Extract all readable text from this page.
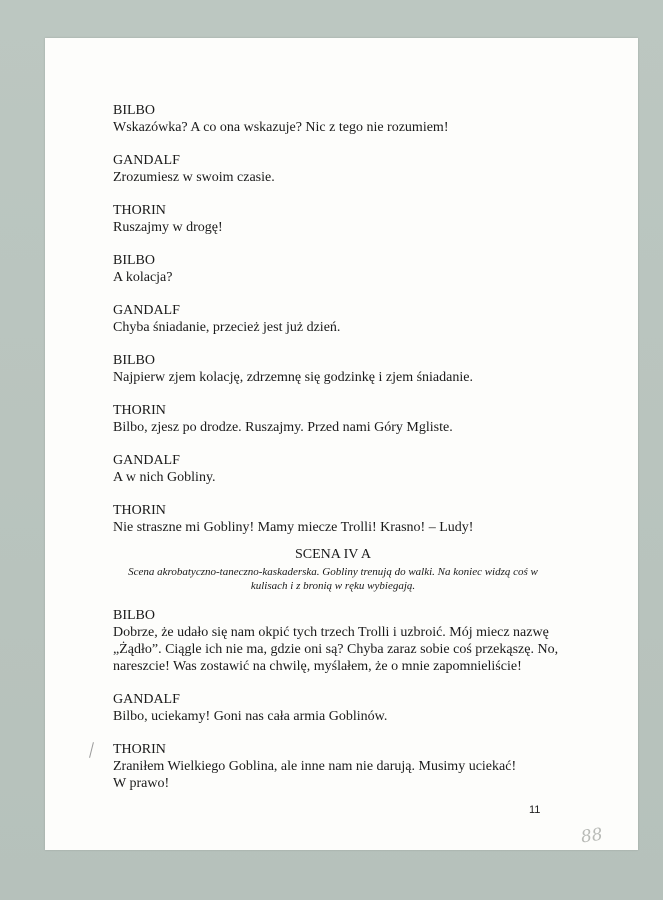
BILBO
Wskazówka? A co ona wskazuje? Nic z tego nie rozumiem!
GANDALF
Zrozumiesz w swoim czasie.
THORIN
Ruszajmy w drogę!
BILBO
A kolacja?
GANDALF
Chyba śniadanie, przecież jest już dzień.
BILBO
Najpierw zjem kolację, zdrzemnę się godzinkę i zjem śniadanie.
THORIN
Bilbo, zjesz po drodze. Ruszajmy. Przed nami Góry Mgliste.
GANDALF
A w nich Gobliny.
THORIN
Nie straszne mi Gobliny! Mamy miecze Trolli! Krasno! – Ludy!
SCENA IV A
Scena akrobatyczno-taneczno-kaskaderska. Gobliny trenują do walki. Na koniec widzą coś w
kulisach i z bronią w ręku wybiegają.
BILBO
Dobrze, że udało się nam okpić tych trzech Trolli i uzbroić. Mój miecz nazwę
„Żądło”. Ciągle ich nie ma, gdzie oni są? Chyba zaraz sobie coś przekąszę. No,
nareszcie! Was zostawić na chwilę, myślałem, że o mnie zapomnieliście!
GANDALF
Bilbo, uciekamy! Goni nas cała armia Goblinów.
THORIN
Zraniłem Wielkiego Goblina, ale inne nam nie darują. Musimy uciekać!
W prawo!
11
88
